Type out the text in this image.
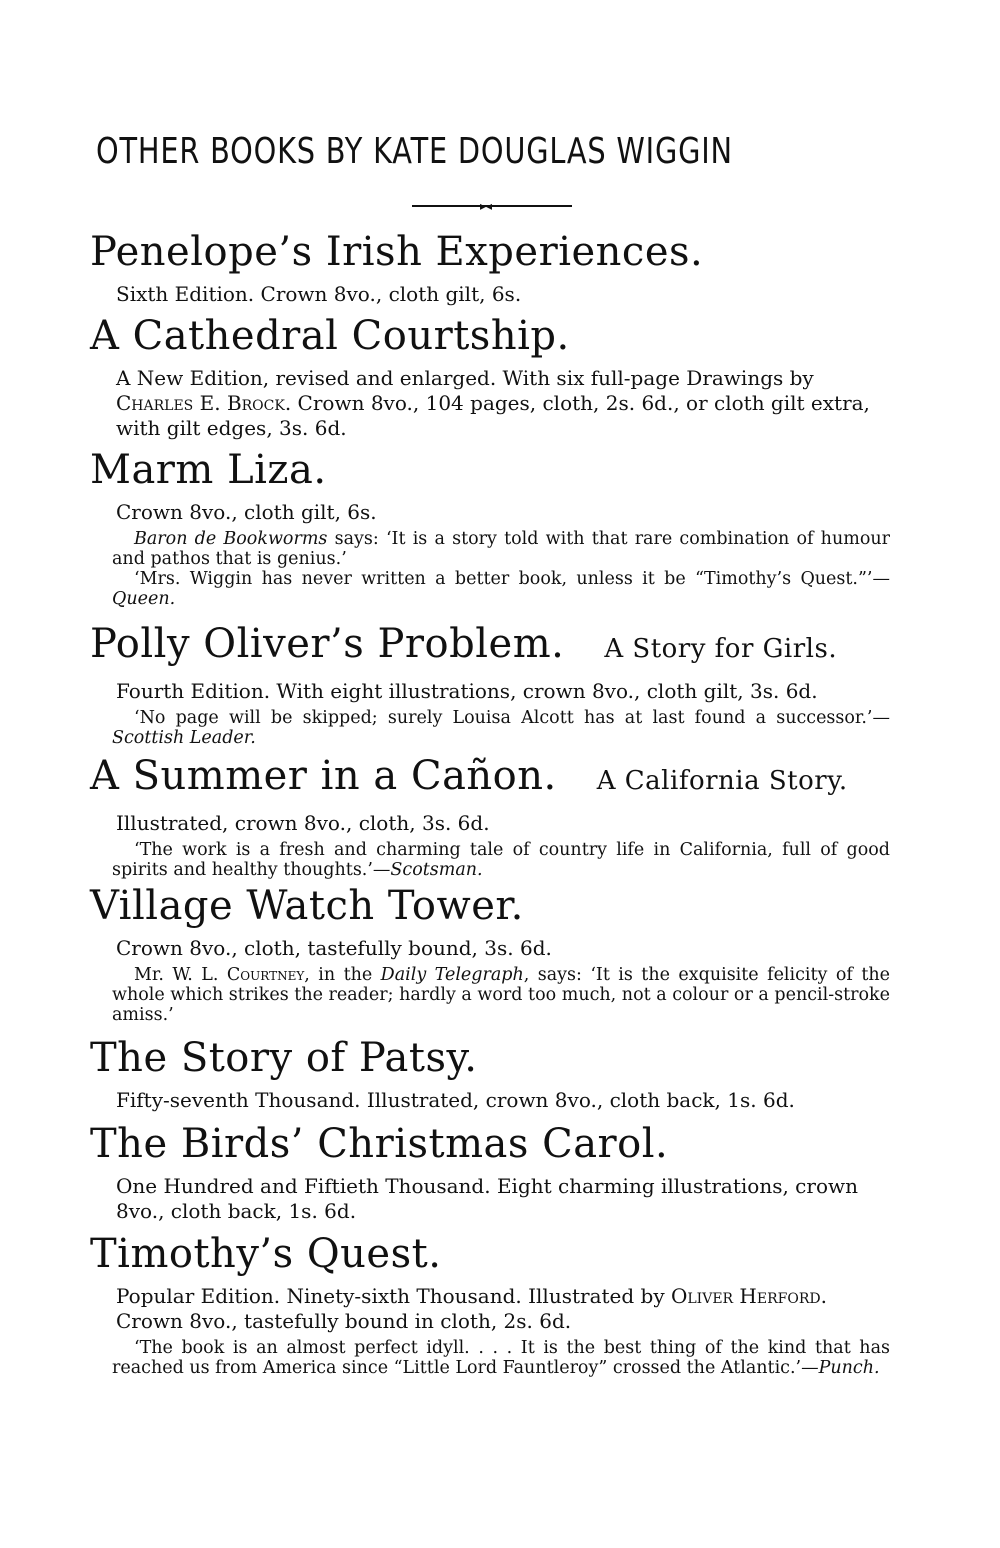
OTHER BOOKS BY KATE DOUGLAS WIGGIN
▸◂
Penelope’s Irish Experiences.
Sixth Edition. Crown 8vo., cloth gilt, 6s.
A Cathedral Courtship.
A New Edition, revised and enlarged. With six full-page Drawings by Charles E. Brock. Crown 8vo., 104 pages, cloth, 2s. 6d., or cloth gilt extra, with gilt edges, 3s. 6d.
Marm Liza.
Crown 8vo., cloth gilt, 6s.

Baron de Bookworms says: ‘It is a story told with that rare combination of humour and pathos that is genius.’

‘Mrs. Wiggin has never written a better book, unless it be “Timothy’s Quest.”’—Queen.

Polly Oliver’s Problem. A Story for Girls.
Fourth Edition. With eight illustrations, crown 8vo., cloth gilt, 3s. 6d.

‘No page will be skipped; surely Louisa Alcott has at last found a successor.’—Scottish Leader.

A Summer in a Cañon. A California Story.
Illustrated, crown 8vo., cloth, 3s. 6d.

‘The work is a fresh and charming tale of country life in California, full of good spirits and healthy thoughts.’—Scotsman.

Village Watch Tower.
Crown 8vo., cloth, tastefully bound, 3s. 6d.

Mr. W. L. Courtney, in the Daily Telegraph, says: ‘It is the exquisite felicity of the whole which strikes the reader; hardly a word too much, not a colour or a pencil-stroke amiss.’

The Story of Patsy.
Fifty-seventh Thousand. Illustrated, crown 8vo., cloth back, 1s. 6d.
The Birds’ Christmas Carol.
One Hundred and Fiftieth Thousand. Eight charming illustrations, crown 8vo., cloth back, 1s. 6d.
Timothy’s Quest.
Popular Edition. Ninety-sixth Thousand. Illustrated by Oliver Herford. Crown 8vo., tastefully bound in cloth, 2s. 6d.

‘The book is an almost perfect idyll. . . . It is the best thing of the kind that has reached us from America since “Little Lord Fauntleroy” crossed the Atlantic.’—Punch.
